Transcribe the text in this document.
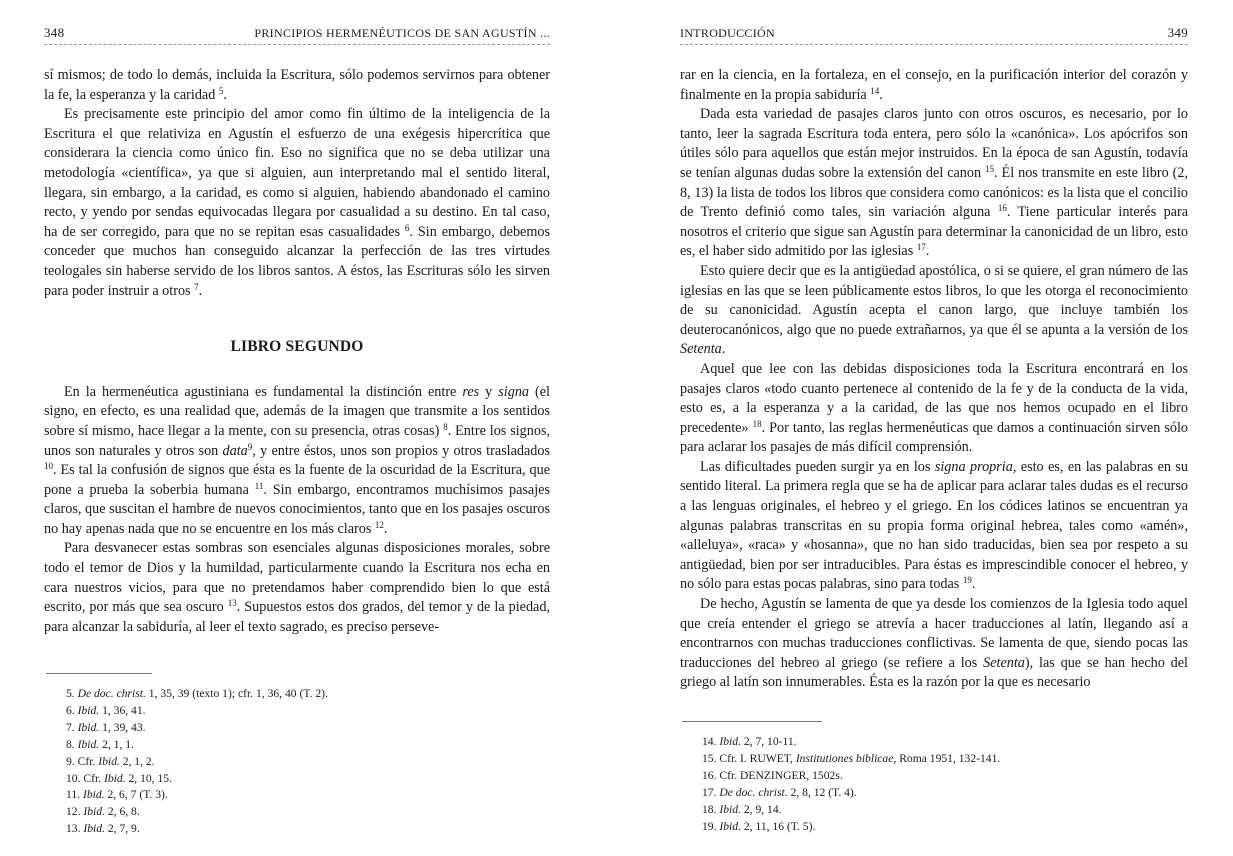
348	PRINCIPIOS HERMENÉUTICOS DE SAN AGUSTÍN ...

sí mismos; de todo lo demás, incluida la Escritura, sólo podemos servirnos para obtener la fe, la esperanza y la caridad $^5$.

Es precisamente este principio del amor como fin último de la inteligencia de la Escritura el que relativiza en Agustín el esfuerzo de una exégesis hipercrítica que considerara la ciencia como único fin. Eso no significa que no se deba utilizar una metodología «científica», ya que si alguien, aun interpretando mal el sentido literal, llegara, sin embargo, a la caridad, es como si alguien, habiendo abandonado el camino recto, y yendo por sendas equivocadas llegara por casualidad a su destino. En tal caso, ha de ser corregido, para que no se repitan esas casualidades $^6$. Sin embargo, debemos conceder que muchos han conseguido alcanzar la perfección de las tres virtudes teologales sin haberse servido de los libros santos. A éstos, las Escrituras sólo les sirven para poder instruir a otros $^7$.

LIBRO SEGUNDO

En la hermenéutica agustiniana es fundamental la distinción entre res y signa (el signo, en efecto, es una realidad que, además de la imagen que transmite a los sentidos sobre sí mismo, hace llegar a la mente, con su presencia, otras cosas) $^8$. Entre los signos, unos son naturales y otros son data$^9$, y entre éstos, unos son propios y otros trasladados $^{10}$. Es tal la confusión de signos que ésta es la fuente de la oscuridad de la Escritura, que pone a prueba la soberbia humana $^{11}$. Sin embargo, encontramos muchísimos pasajes claros, que suscitan el hambre de nuevos conocimientos, tanto que en los pasajes oscuros no hay apenas nada que no se encuentre en los más claros $^{12}$.

Para desvanecer estas sombras son esenciales algunas disposiciones morales, sobre todo el temor de Dios y la humildad, particularmente cuando la Escritura nos echa en cara nuestros vicios, para que no pretendamos haber comprendido bien lo que está escrito, por más que sea oscuro $^{13}$. Supuestos estos dos grados, del temor y de la piedad, para alcanzar la sabiduría, al leer el texto sagrado, es preciso perseve-

5. De doc. christ. 1, 35, 39 (texto 1); cfr. 1, 36, 40 (T. 2).
6. Ibid. 1, 36, 41.
7. Ibid. 1, 39, 43.
8. Ibid. 2, 1, 1.
9. Cfr. Ibid. 2, 1, 2.
10. Cfr. Ibid. 2, 10, 15.
11. Ibid. 2, 6, 7 (T. 3).
12. Ibid. 2, 6, 8.
13. Ibid. 2, 7, 9.
INTRODUCCIÓN	349

rar en la ciencia, en la fortaleza, en el consejo, en la purificación interior del corazón y finalmente en la propia sabiduría $^{14}$.

Dada esta variedad de pasajes claros junto con otros oscuros, es necesario, por lo tanto, leer la sagrada Escritura toda entera, pero sólo la «canónica». Los apócrifos son útiles sólo para aquellos que están mejor instruidos. En la época de san Agustín, todavía se tenían algunas dudas sobre la extensión del canon $^{15}$. Él nos transmite en este libro (2, 8, 13) la lista de todos los libros que considera como canónicos: es la lista que el concilio de Trento definió como tales, sin variación alguna $^{16}$. Tiene particular interés para nosotros el criterio que sigue san Agustín para determinar la canonicidad de un libro, esto es, el haber sido admitido por las iglesias $^{17}$.

Esto quiere decir que es la antigüedad apostólica, o si se quiere, el gran número de las iglesias en las que se leen públicamente estos libros, lo que les otorga el reconocimiento de su canonicidad. Agustín acepta el canon largo, que incluye también los deuterocanónicos, algo que no puede extrañarnos, ya que él se apunta a la versión de los Setenta.

Aquel que lee con las debidas disposiciones toda la Escritura encontrará en los pasajes claros «todo cuanto pertenece al contenido de la fe y de la conducta de la vida, esto es, a la esperanza y a la caridad, de las que nos hemos ocupado en el libro precedente» $^{18}$. Por tanto, las reglas hermenéuticas que damos a continuación sirven sólo para aclarar los pasajes de más difícil comprensión.

Las dificultades pueden surgir ya en los signa propria, esto es, en las palabras en su sentido literal. La primera regla que se ha de aplicar para aclarar tales dudas es el recurso a las lenguas originales, el hebreo y el griego. En los códices latinos se encuentran ya algunas palabras transcritas en su propia forma original hebrea, tales como «amén», «alleluya», «raca» y «hosanna», que no han sido traducidas, bien sea por respeto a su antigüedad, bien por ser intraducibles. Para éstas es imprescindible conocer el hebreo, y no sólo para estas pocas palabras, sino para todas $^{19}$.

De hecho, Agustín se lamenta de que ya desde los comienzos de la Iglesia todo aquel que creía entender el griego se atrevía a hacer traducciones al latín, llegando así a encontrarnos con muchas traducciones conflictivas. Se lamenta de que, siendo pocas las traducciones del hebreo al griego (se refiere a los Setenta), las que se han hecho del griego al latín son innumerables. Ésta es la razón por la que es necesario

14. Ibid. 2, 7, 10-11.
15. Cfr. I. RUWET, Institutiones biblicae, Roma 1951, 132-141.
16. Cfr. DENZINGER, 1502s.
17. De doc. christ. 2, 8, 12 (T. 4).
18. Ibid. 2, 9, 14.
19. Ibid. 2, 11, 16 (T. 5).
